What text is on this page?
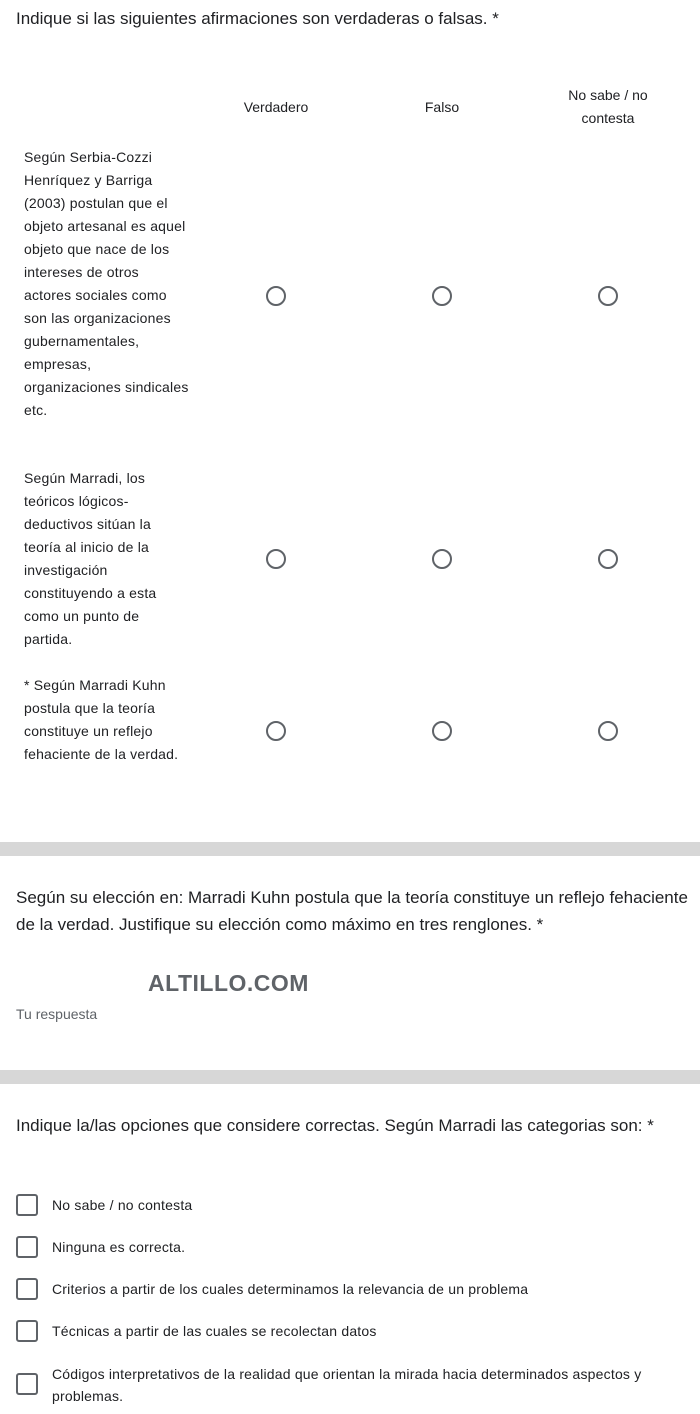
Indique si las siguientes afirmaciones son verdaderas o falsas. *
Verdadero	Falso
No sabe / no contesta
Según Serbia-Cozzi Henríquez y Barriga (2003) postulan que el objeto artesanal es aquel objeto que nace de los intereses de otros actores sociales como son las organizaciones gubernamentales, empresas, organizaciones sindicales etc.
Según Marradi, los teóricos lógicos-deductivos sitúan la teoría al inicio de la investigación constituyendo a esta como un punto de partida.
* Según Marradi Kuhn postula que la teoría constituye un reflejo fehaciente de la verdad.
Según su elección en: Marradi Kuhn postula que la teoría constituye un reflejo fehaciente de la verdad. Justifique su elección como máximo en tres renglones. *
ALTILLO.COM
Tu respuesta
Indique la/las opciones que considere correctas. Según Marradi las categorias son: *
No sabe / no contesta
Ninguna es correcta.
Criterios a partir de los cuales determinamos la relevancia de un problema
Técnicas a partir de las cuales se recolectan datos
Códigos interpretativos de la realidad que orientan la mirada hacia determinados aspectos y problemas.
